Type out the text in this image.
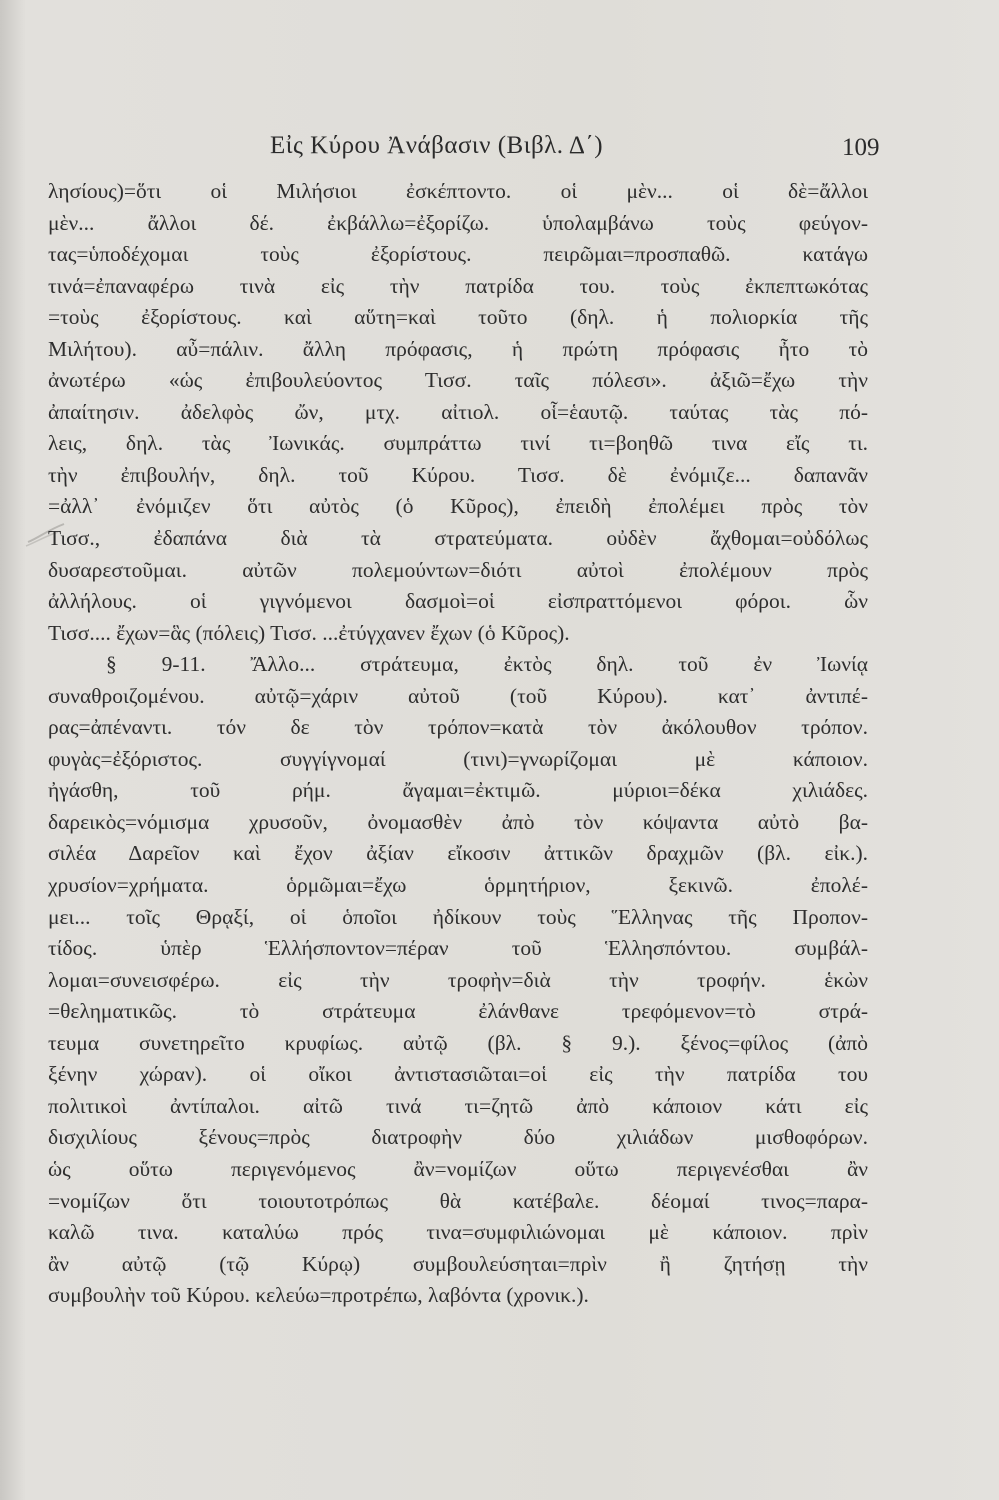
Εἰς Κύρου Ἀνάβασιν (Βιβλ. Δ΄)	109
λησίους)=ὅτι οἱ Μιλήσιοι ἐσκέπτοντο. οἱ μὲν... οἱ δὲ=ἄλλοι
μὲν... ἄλλοι δέ. ἐκβάλλω=ἐξορίζω. ὑπολαμβάνω τοὺς φεύγον-
τας=ὑποδέχομαι τοὺς ἐξορίστους. πειρῶμαι=προσπαθῶ. κατάγω
τινά=ἐπαναφέρω τινὰ εἰς τὴν πατρίδα του. τοὺς ἐκπεπτωκότας
=τοὺς ἐξορίστους. καὶ αὕτη=καὶ τοῦτο (δηλ. ἡ πολιορκία τῆς
Μιλήτου). αὖ=πάλιν. ἄλλη πρόφασις, ἡ πρώτη πρόφασις ἦτο τὸ
ἀνωτέρω «ὡς ἐπιβουλεύοντος Τισσ. ταῖς πόλεσι». ἀξιῶ=ἔχω τὴν
ἀπαίτησιν. ἀδελφὸς ὤν, μτχ. αἰτιολ. οἷ=ἑαυτῷ. ταύτας τὰς πό-
λεις, δηλ. τὰς Ἰωνικάς. συμπράττω τινί τι=βοηθῶ τινα εἴς τι.
τὴν ἐπιβουλήν, δηλ. τοῦ Κύρου. Τισσ. δὲ ἐνόμιζε... δαπανᾶν
=ἀλλ᾽ ἐνόμιζεν ὅτι αὐτὸς (ὁ Κῦρος), ἐπειδὴ ἐπολέμει πρὸς τὸν
Τισσ., ἐδαπάνα διὰ τὰ στρατεύματα. οὐδὲν ἄχθομαι=οὐδόλως
δυσαρεστοῦμαι. αὐτῶν πολεμούντων=διότι αὐτοὶ ἐπολέμουν πρὸς
ἀλλήλους. οἱ γιγνόμενοι δασμοὶ=οἱ εἰσπραττόμενοι φόροι. ὧν
Τισσ.... ἔχων=ἃς (πόλεις) Τισσ. ...ἐτύγχανεν ἔχων (ὁ Κῦρος).
§ 9-11. Ἄλλο... στράτευμα, ἐκτὸς δηλ. τοῦ ἐν Ἰωνίᾳ
συναθροιζομένου. αὐτῷ=χάριν αὐτοῦ (τοῦ Κύρου). κατ᾽ ἀντιπέ-
ρας=ἀπέναντι. τόν δε τὸν τρόπον=κατὰ τὸν ἀκόλουθον τρόπον.
φυγὰς=ἐξόριστος. συγγίγνομαί (τινι)=γνωρίζομαι μὲ κάποιον.
ἠγάσθη, τοῦ ρήμ. ἄγαμαι=ἐκτιμῶ. μύριοι=δέκα χιλιάδες.
δαρεικὸς=νόμισμα χρυσοῦν, ὀνομασθὲν ἀπὸ τὸν κόψαντα αὐτὸ βα-
σιλέα Δαρεῖον καὶ ἔχον ἀξίαν εἴκοσιν ἀττικῶν δραχμῶν (βλ. εἰκ.).
χρυσίον=χρήματα. ὁρμῶμαι=ἔχω ὁρμητήριον, ξεκινῶ. ἐπολέ-
μει... τοῖς Θρᾳξί, οἱ ὁποῖοι ἠδίκουν τοὺς Ἕλληνας τῆς Προπον-
τίδος. ὑπὲρ Ἑλλήσποντον=πέραν τοῦ Ἑλλησπόντου. συμβάλ-
λομαι=συνεισφέρω. εἰς τὴν τροφὴν=διὰ τὴν τροφήν. ἑκὼν
=θεληματικῶς. τὸ στράτευμα ἐλάνθανε τρεφόμενον=τὸ στρά-
τευμα συνετηρεῖτο κρυφίως. αὐτῷ (βλ. § 9.). ξένος=φίλος (ἀπὸ
ξένην χώραν). οἱ οἴκοι ἀντιστασιῶται=οἱ εἰς τὴν πατρίδα του
πολιτικοὶ ἀντίπαλοι. αἰτῶ τινά τι=ζητῶ ἀπὸ κάποιον κάτι εἰς
δισχιλίους ξένους=πρὸς διατροφὴν δύο χιλιάδων μισθοφόρων.
ὡς οὕτω περιγενόμενος ἂν=νομίζων οὕτω περιγενέσθαι ἂν
=νομίζων ὅτι τοιουτοτρόπως θὰ κατέβαλε. δέομαί τινος=παρα-
καλῶ τινα. καταλύω πρός τινα=συμφιλιώνομαι μὲ κάποιον. πρὶν
ἂν αὐτῷ (τῷ Κύρῳ) συμβουλεύσηται=πρὶν ἢ ζητήσῃ τὴν
συμβουλὴν τοῦ Κύρου. κελεύω=προτρέπω, λαβόντα (χρονικ.).
